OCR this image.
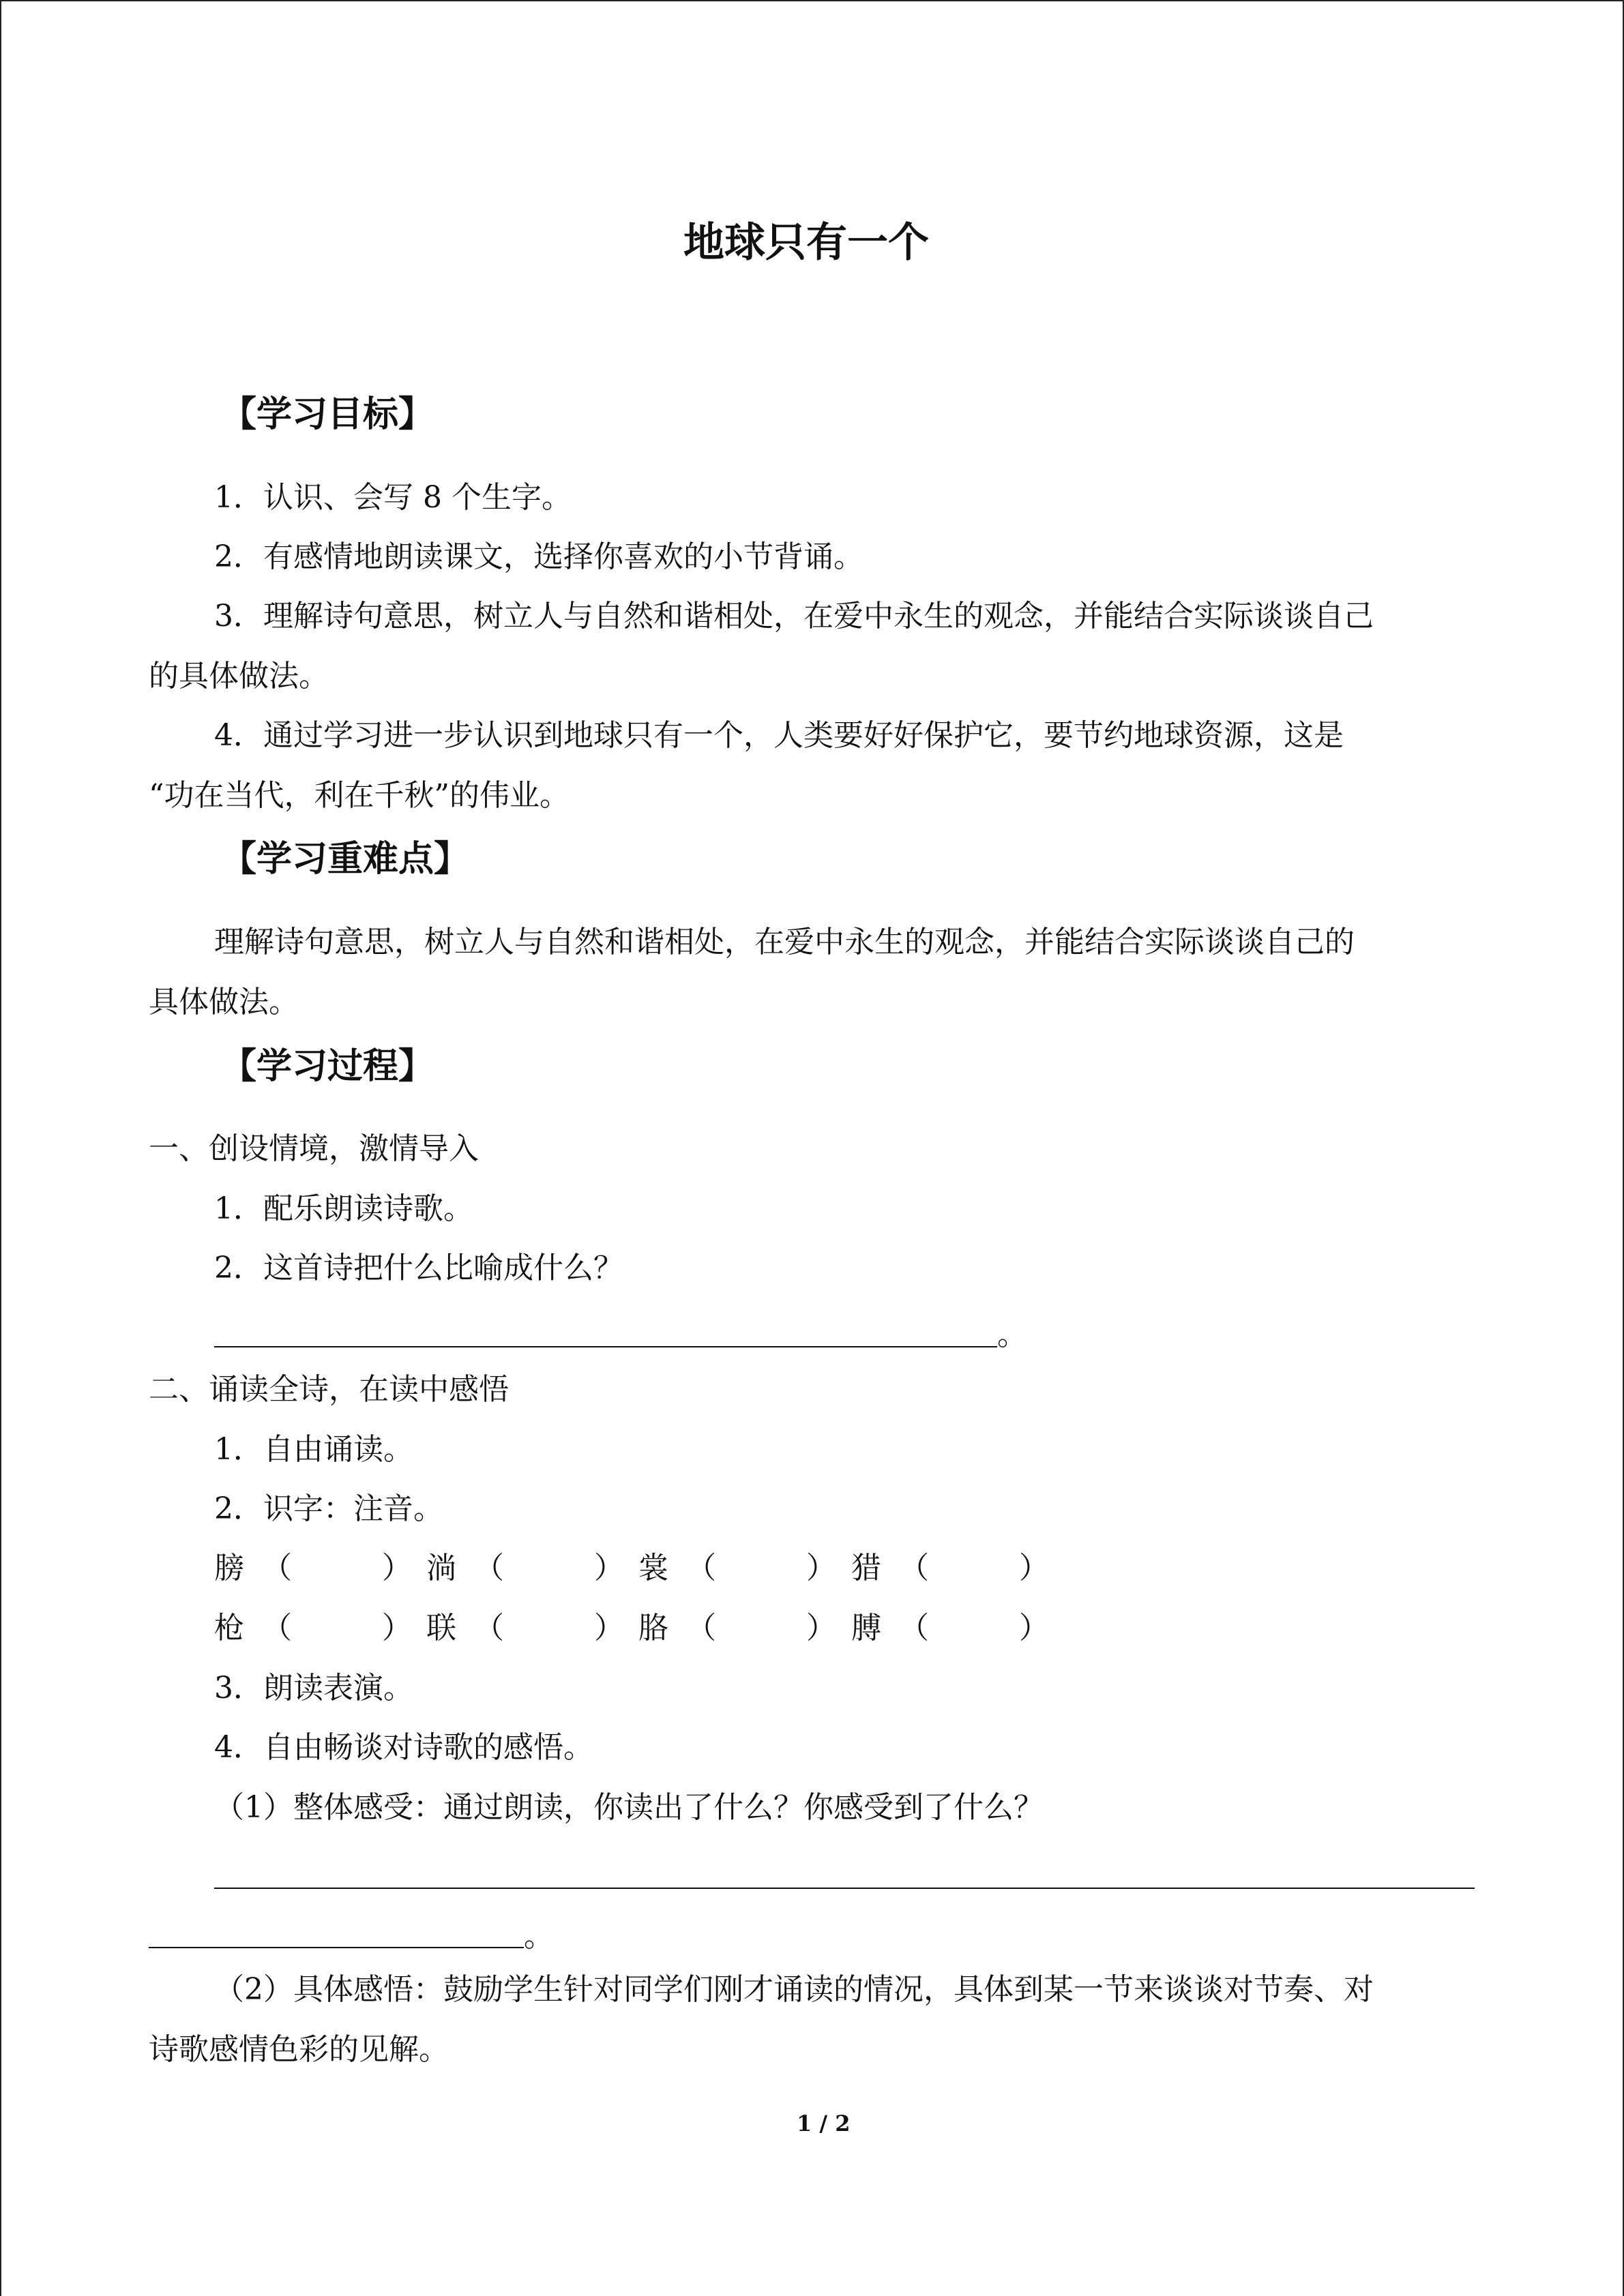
地球只有一个
【学习目标】
1．认识、会写 8 个生字。
2．有感情地朗读课文，选择你喜欢的小节背诵。
3．理解诗句意思，树立人与自然和谐相处，在爱中永生的观念，并能结合实际谈谈自己
的具体做法。
4．通过学习进一步认识到地球只有一个，人类要好好保护它，要节约地球资源，这是
“功在当代，利在千秋”的伟业。
【学习重难点】
理解诗句意思，树立人与自然和谐相处，在爱中永生的观念，并能结合实际谈谈自己的
具体做法。
【学习过程】
一、创设情境，激情导入
1．配乐朗读诗歌。
2．这首诗把什么比喻成什么？
。
二、诵读全诗，在读中感悟
1．自由诵读。
2．识字：注音。
膀 （　　　） 淌 （　　　） 裳 （　　　） 猎 （　　　）
枪 （　　　） 联 （　　　） 胳 （　　　） 膊 （　　　）
3．朗读表演。
4．自由畅谈对诗歌的感悟。
（1）整体感受：通过朗读，你读出了什么？你感受到了什么？
。
（2）具体感悟：鼓励学生针对同学们刚才诵读的情况，具体到某一节来谈谈对节奏、对
诗歌感情色彩的见解。
1 / 2
